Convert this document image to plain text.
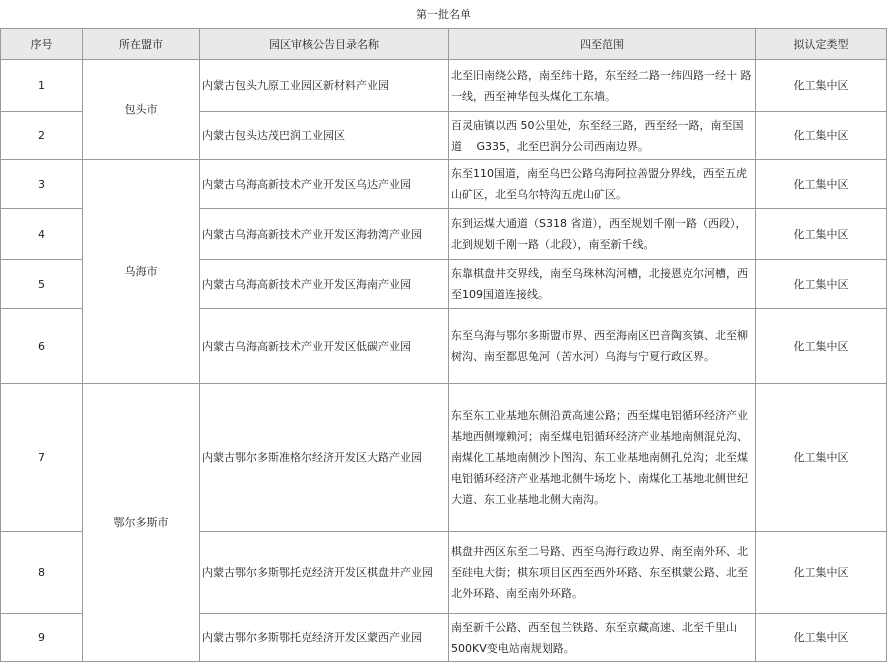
第一批名单
序号	所在盟市	园区审核公告目录名称	四至范围	拟认定类型
1	包头市	内蒙古包头九原工业园区新材料产业园	北至旧南绕公路，南至纬十路，东至经二路一纬四路一经十 路一线，西至神华包头煤化工东墙。	化工集中区
2		内蒙古包头达茂巴润工业园区	百灵庙镇以西 50公里处，东至经三路，西至经一路，南至国道　 G335，北至巴润分公司西南边界。	化工集中区
3	乌海市	内蒙古乌海高新技术产业开发区乌达产业园	东至110国道，南至乌巴公路乌海阿拉善盟分界线，西至五虎山矿区，北至乌尔特沟五虎山矿区。	化工集中区
4		内蒙古乌海高新技术产业开发区海勃湾产业园	东到运煤大通道（S318 省道），西至规划千刚一路（西段），北到规划千刚一路（北段），南至新千线。	化工集中区
5		内蒙古乌海高新技术产业开发区海南产业园	东靠棋盘井交界线，南至乌珠林沟河槽，北接恩克尔河槽，西至109国道连接线。	化工集中区
6		内蒙古乌海高新技术产业开发区低碳产业园	东至乌海与鄂尔多斯盟市界、西至海南区巴音陶亥镇、北至柳树沟、南至都思兔河（苦水河）乌海与宁夏行政区界。	化工集中区
7	鄂尔多斯市	内蒙古鄂尔多斯准格尔经济开发区大路产业园	东至东工业基地东侧沿黄高速公路；西至煤电铝循环经济产业基地西侧壕赖河；南至煤电铝循环经济产业基地南侧混兑沟、南煤化工基地南侧沙卜图沟、东工业基地南侧孔兑沟；北至煤电铝循环经济产业基地北侧牛场圪卜、南煤化工基地北侧世纪大道、东工业基地北侧大南沟。	化工集中区
8		内蒙古鄂尔多斯鄂托克经济开发区棋盘井产业园	棋盘井西区东至二号路、西至乌海行政边界、南至南外环、北至硅电大街；棋东项目区西至西外环路、东至棋蒙公路、北至北外环路、南至南外环路。	化工集中区
9		内蒙古鄂尔多斯鄂托克经济开发区蒙西产业园	南至新千公路、西至包兰铁路、东至京藏高速、北至千里山500KV变电站南规划路。	化工集中区
